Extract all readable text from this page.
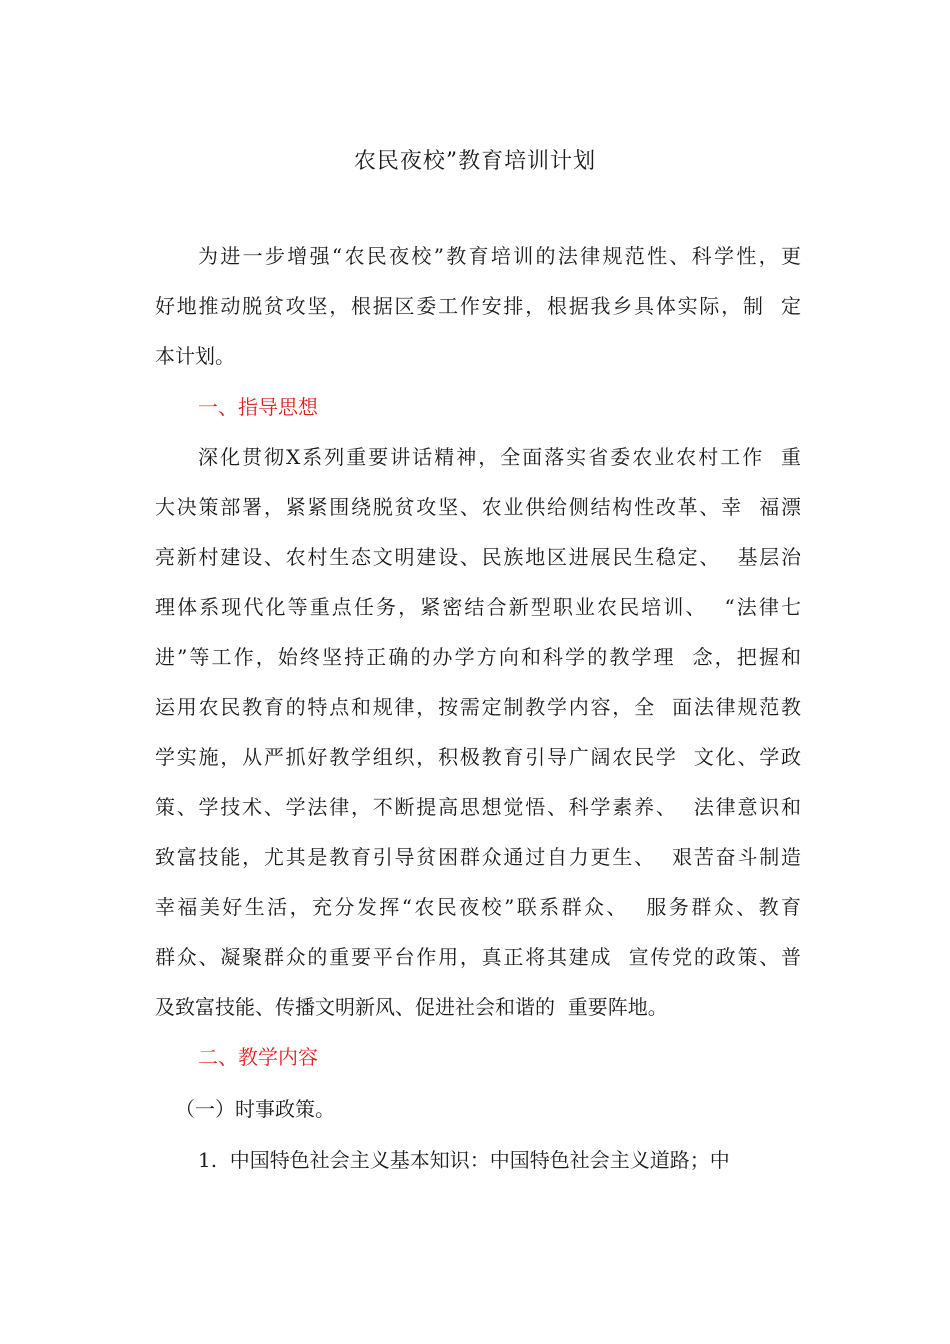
农民夜校”教育培训计划
为进一步增强“农民夜校”教育培训的法律规范性、科学性，更
好地推动脱贫攻坚，根据区委工作安排，根据我乡具体实际，制  定
本计划。
一、指导思想
深化贯彻Ⅹ系列重要讲话精神，全面落实省委农业农村工作  重
大决策部署，紧紧围绕脱贫攻坚、农业供给侧结构性改革、幸  福漂
亮新村建设、农村生态文明建设、民族地区进展民生稳定、  基层治
理体系现代化等重点任务，紧密结合新型职业农民培训、  “法律七
进”等工作，始终坚持正确的办学方向和科学的教学理  念，把握和
运用农民教育的特点和规律，按需定制教学内容，全  面法律规范教
学实施，从严抓好教学组织，积极教育引导广阔农民学  文化、学政
策、学技术、学法律，不断提高思想觉悟、科学素养、  法律意识和
致富技能，尤其是教育引导贫困群众通过自力更生、  艰苦奋斗制造
幸福美好生活，充分发挥“农民夜校”联系群众、  服务群众、教育
群众、凝聚群众的重要平台作用，真正将其建成  宣传党的政策、普
及致富技能、传播文明新风、促进社会和谐的  重要阵地。
二、教学内容
（一）时事政策。
1.  中国特色社会主义基本知识：中国特色社会主义道路；中
